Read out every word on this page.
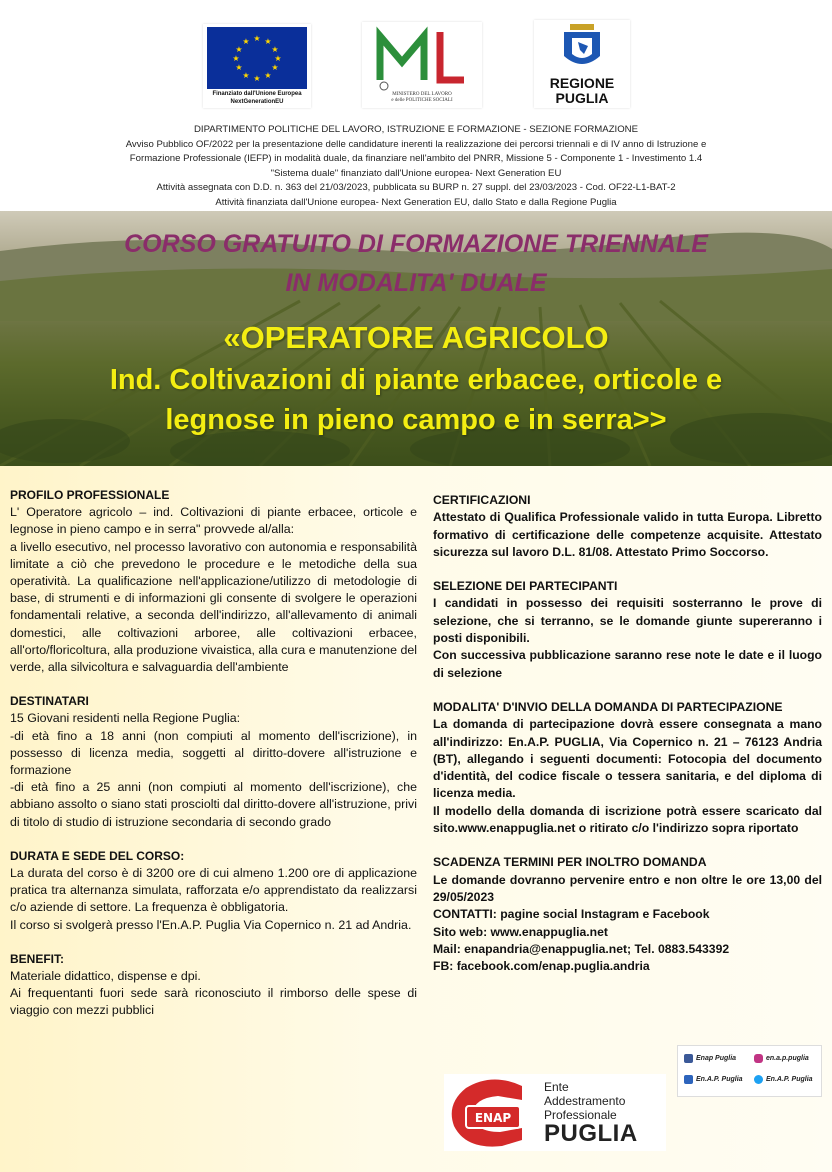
★ ★
★
★
★
★
★
★
★
★
★
★
Finanziato dall'Unione Europea
NextGenerationEU
MINISTERO DEL LAVORO
e delle POLITICHE SOCIALI
REGIONE
PUGLIA
DIPARTIMENTO POLITICHE DEL LAVORO, ISTRUZIONE E FORMAZIONE - SEZIONE FORMAZIONE
Avviso Pubblico OF/2022 per la presentazione delle candidature inerenti la realizzazione dei percorsi triennali e di IV anno di Istruzione e
Formazione Professionale (IEFP) in modalità duale, da finanziare nell'ambito del PNRR, Missione 5 - Componente 1 - Investimento 1.4
"Sistema duale" finanziato dall'Unione europea- Next Generation EU
Attività assegnata con D.D. n. 363 del 21/03/2023, pubblicata su BURP n. 27 suppl. del 23/03/2023 - Cod. OF22-L1-BAT-2
Attività finanziata dall'Unione europea- Next Generation EU, dallo Stato e dalla Regione Puglia
CORSO GRATUITO DI FORMAZIONE TRIENNALE
IN MODALITA' DUALE
«OPERATORE AGRICOLO
Ind. Coltivazioni di piante erbacee, orticole e
legnose in pieno campo e in serra>>

PROFILO PROFESSIONALE

L' Operatore agricolo – ind. Coltivazioni di piante erbacee, orticole e legnose in pieno campo e in serra" provvede al/alla:

a livello esecutivo, nel processo lavorativo con autonomia e responsabilità limitate a ciò che prevedono le procedure e le metodiche della sua operatività. La qualificazione nell'applicazione/utilizzo di metodologie di base, di strumenti e di informazioni gli consente di svolgere le operazioni fondamentali relative, a seconda dell'indirizzo, all'allevamento di animali domestici, alle coltivazioni arboree, alle coltivazioni erbacee, all'orto/floricoltura, alla produzione vivaistica, alla cura e manutenzione del verde, alla silvicoltura e salvaguardia dell'ambiente

DESTINATARI

15 Giovani residenti nella Regione Puglia:

-di età fino a 18 anni (non compiuti al momento dell'iscrizione), in possesso di licenza media, soggetti al diritto-dovere all'istruzione e formazione

-di età fino a 25 anni (non compiuti al momento dell'iscrizione), che abbiano assolto o siano stati prosciolti dal diritto-dovere all'istruzione, privi di titolo di studio di istruzione secondaria di secondo grado

DURATA E SEDE DEL CORSO:

La durata del corso è di 3200 ore di cui almeno 1.200 ore di applicazione pratica tra alternanza simulata, rafforzata e/o apprendistato da realizzarsi c/o aziende di settore. La frequenza è obbligatoria.

Il corso si svolgerà presso l'En.A.P. Puglia Via Copernico n. 21 ad Andria.

BENEFIT:

Materiale didattico, dispense e dpi.

Ai frequentanti fuori sede sarà riconosciuto il rimborso delle spese di viaggio con mezzi pubblici

CERTIFICAZIONI

Attestato di Qualifica Professionale valido in tutta Europa. Libretto formativo di certificazione delle competenze acquisite. Attestato sicurezza sul lavoro D.L. 81/08. Attestato Primo Soccorso.

SELEZIONE DEI PARTECIPANTI

I candidati in possesso dei requisiti sosterranno le prove di selezione, che si terranno, se le domande giunte supereranno i posti disponibili.

Con successiva pubblicazione saranno rese note le date e il luogo di selezione

MODALITA' D'INVIO DELLA DOMANDA DI PARTECIPAZIONE

La domanda di partecipazione dovrà essere consegnata a mano all'indirizzo: En.A.P. PUGLIA, Via Copernico n. 21 – 76123 Andria (BT), allegando i seguenti documenti: Fotocopia del documento d'identità, del codice fiscale o tessera sanitaria, e del diploma di licenza media.

Il modello della domanda di iscrizione potrà essere scaricato dal sito.www.enappuglia.net o ritirato c/o l'indirizzo sopra riportato

SCADENZA TERMINI PER INOLTRO DOMANDA

Le domande dovranno pervenire entro e non oltre le ore 13,00 del 29/05/2023

CONTATTI: pagine social Instagram e Facebook

Sito web: www.enappuglia.net

Mail: enapandria@enappuglia.net; Tel. 0883.543392

FB: facebook.com/enap.puglia.andria

Enap Puglia	en.a.p.puglia
En.A.P. Puglia	En.A.P. Puglia
ENAP
Ente
Addestramento
Professionale
PUGLIA
